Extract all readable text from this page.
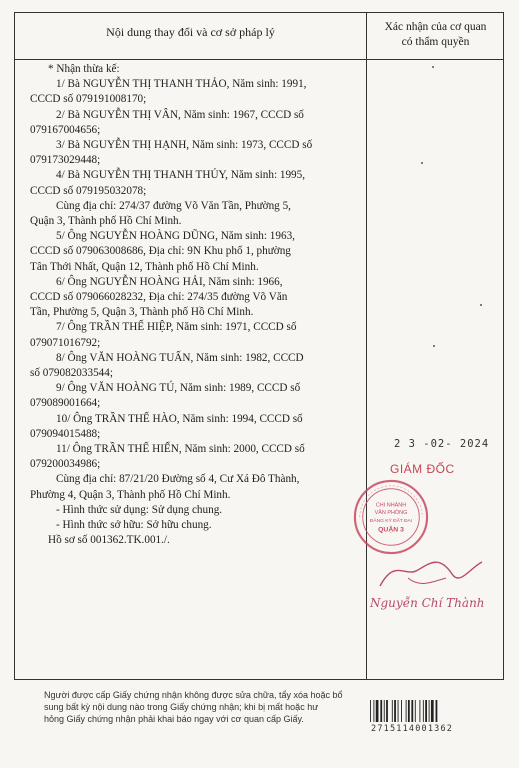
Nội dung thay đổi và cơ sở pháp lý	Xác nhận của cơ quan
có thẩm quyền

* Nhận thừa kế:

1/ Bà NGUYỄN THỊ THANH THẢO, Năm sinh: 1991,

CCCD số 079191008170;

2/ Bà NGUYỄN THỊ VÂN, Năm sinh: 1967, CCCD số

079167004656;

3/ Bà NGUYỄN THỊ HẠNH, Năm sinh: 1973, CCCD số

079173029448;

4/ Bà NGUYỄN THỊ THANH THỦY, Năm sinh: 1995,

CCCD số 079195032078;

Cùng địa chỉ: 274/37 đường Võ Văn Tần, Phường 5,

Quận 3, Thành phố Hồ Chí Minh.

5/ Ông NGUYỄN HOÀNG DŨNG, Năm sinh: 1963,

CCCD số 079063008686, Địa chỉ: 9N Khu phố 1, phường

Tân Thới Nhất, Quận 12, Thành phố Hồ Chí Minh.

6/ Ông NGUYỄN HOÀNG HẢI, Năm sinh: 1966,

CCCD số 079066028232, Địa chỉ: 274/35 đường Võ Văn

Tần, Phường 5, Quận 3, Thành phố Hồ Chí Minh.

7/ Ông TRẦN THẾ HIỆP, Năm sinh: 1971, CCCD số

079071016792;

8/ Ông VĂN HOÀNG TUẤN, Năm sinh: 1982, CCCD

số 079082033544;

9/ Ông VĂN HOÀNG TÚ, Năm sinh: 1989, CCCD số

079089001664;

10/ Ông TRẦN THẾ HÀO, Năm sinh: 1994, CCCD số

079094015488;

11/ Ông TRẦN THẾ HIỂN, Năm sinh: 2000, CCCD số

079200034986;

Cùng địa chỉ: 87/21/20 Đường số 4, Cư Xá Đô Thành,

Phường 4, Quận 3, Thành phố Hồ Chí Minh.

- Hình thức sử dụng: Sử dụng chung.

- Hình thức sở hữu: Sở hữu chung.

Hồ sơ số 001362.TK.001./.

2 3 -02- 2024
GIÁM ĐỐC
CHI NHÁNH
VĂN PHÒNG
ĐĂNG KÝ ĐẤT ĐAI
QUẬN 3
Nguyễn Chí Thành
Người được cấp Giấy chứng nhận không được sửa chữa, tẩy xóa hoặc bổ
sung bất kỳ nội dung nào trong Giấy chứng nhận; khi bị mất hoặc hư
hỏng Giấy chứng nhận phải khai báo ngay với cơ quan cấp Giấy.
2715114001362
